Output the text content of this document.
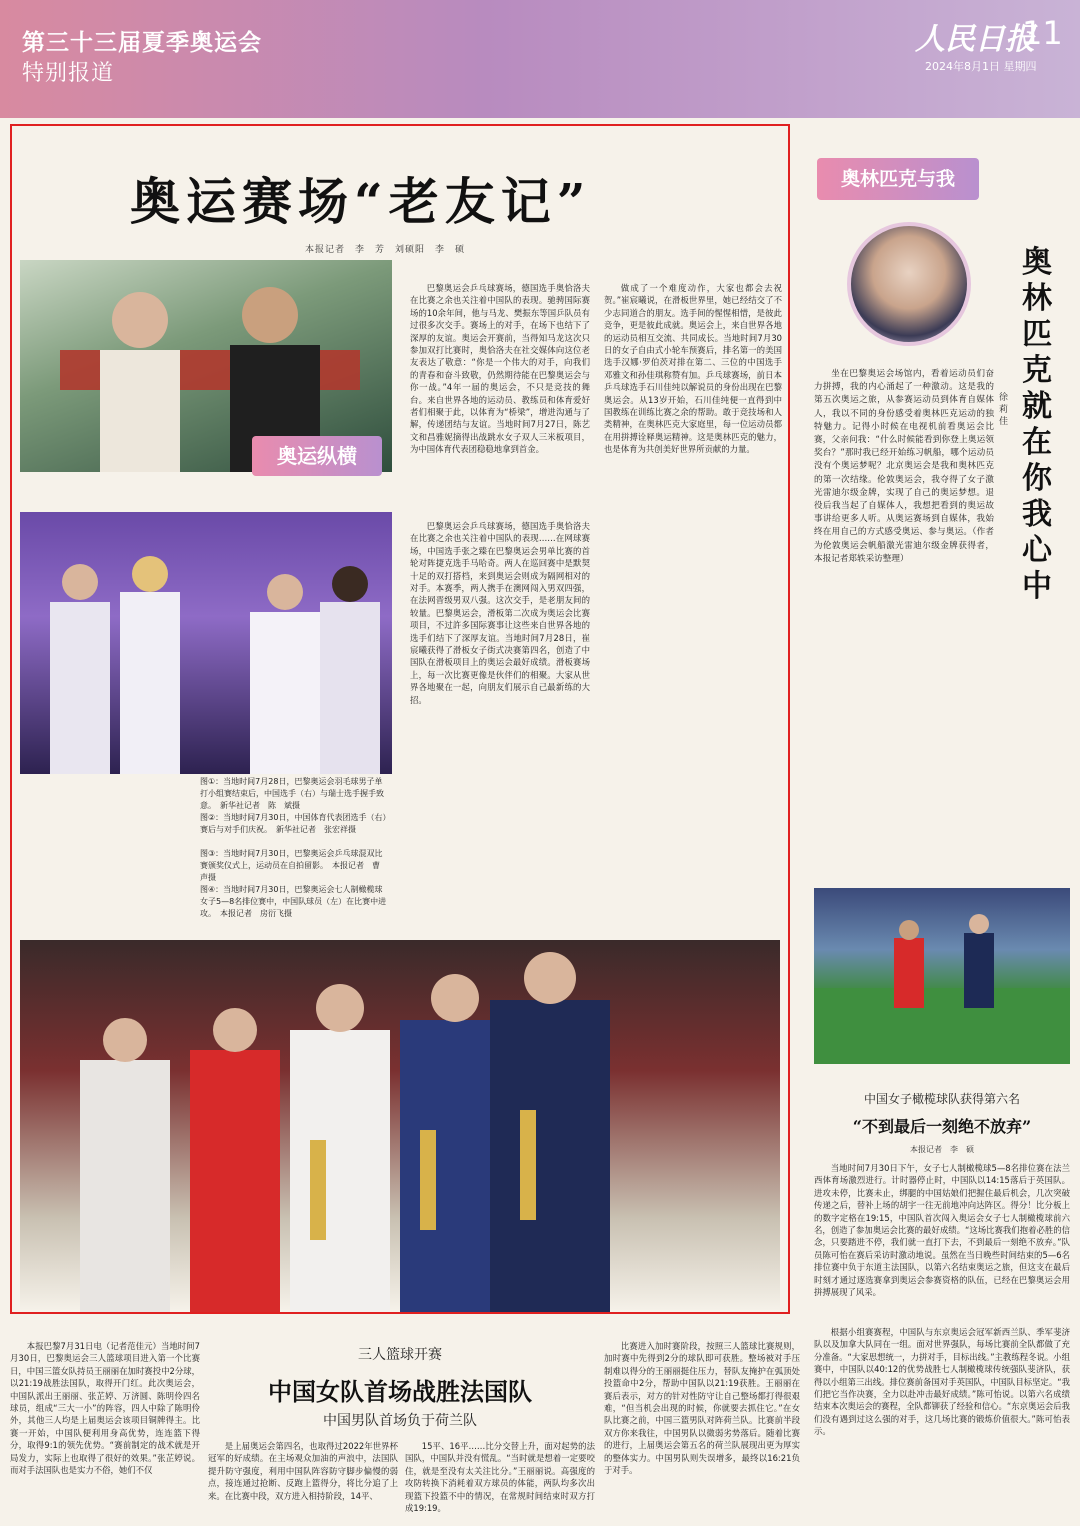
第三十三届夏季奥运会
特别报道
人民日报
11
2024年8月1日 星期四
奥运赛场“老友记”
本报记者　李　芳　刘硕阳　李　硕
奥运纵横
图①：当地时间7月28日，巴黎奥运会羽毛球男子单打小组赛结束后，中国选手（右）与瑞士选手握手致意。　新华社记者　陈　斌摄
图②：当地时间7月30日，中国体育代表团选手（右）赛后与对手们庆祝。　新华社记者　张宏祥摄
图③：当地时间7月30日，巴黎奥运会乒乓球混双比赛颁奖仪式上，运动员在自拍留影。　本报记者　曹　声摄
图④：当地时间7月30日，巴黎奥运会七人制橄榄球女子5—8名排位赛中，中国队球员（左）在比赛中进攻。　本报记者　房衍飞摄

巴黎奥运会乒乓球赛场，德国选手奥恰洛夫在比赛之余也关注着中国队的表现。驰骋国际赛场的10余年间，他与马龙、樊振东等国乒队员有过很多次交手。赛场上的对手，在场下也结下了深厚的友谊。奥运会开赛前，当得知马龙这次只参加双打比赛时，奥恰洛夫在社交媒体向这位老友表达了敬意：“你是一个伟大的对手，向我们的青春和奋斗致敬，仍然期待能在巴黎奥运会与你一战。”4年一届的奥运会，不只是竞技的舞台。来自世界各地的运动员、教练员和体育爱好者们相聚于此，以体育为“桥梁”，增进沟通与了解，传递团结与友谊。当地时间7月27日，陈艺文和昌雅妮摘得出战跳水女子双人三米板项目，为中国体育代表团稳稳地拿到首金。

巴黎奥运会乒乓球赛场，德国选手奥恰洛夫在比赛之余也关注着中国队的表现……在网球赛场，中国选手张之臻在巴黎奥运会男单比赛的首轮对阵捷克选手马哈奇。两人在巡回赛中是默契十足的双打搭档，来到奥运会则成为隔网相对的对手。本赛季，两人携手在澳网闯入男双四强，在法网晋级男双八强。这次交手，是老朋友间的较量。巴黎奥运会，滑板第二次成为奥运会比赛项目，不过許多国际赛事让这些来自世界各地的选手们结下了深厚友谊。当地时间7月28日，崔宸曦获得了滑板女子街式决赛第四名，创造了中国队在滑板项目上的奥运会最好成绩。滑板赛场上，每一次比赛更像是伙伴们的相聚。大家从世界各地聚在一起，向朋友们展示自己最新练的大招。

做成了一个难度动作，大家也都会去祝贺。”崔宸曦说，在滑板世界里，她已经结交了不少志同道合的朋友。选手间的惺惺相惜，是彼此竞争，更是彼此成就。奥运会上，来自世界各地的运动员相互交流、共同成长。当地时间7月30日的女子自由式小轮车预赛后，排名第一的美国选手汉娜·罗伯茨对排在第二、三位的中国选手邓雅文和孙佳琪称赞有加。乒乓球赛场，前日本乒乓球选手石川佳纯以解说员的身份出现在巴黎奥运会。从13岁开始，石川佳纯便一直得到中国教练在训练比赛之余的帮助。敢于竞技场和人类精神，在奥林匹克大家庭里，每一位运动员都在用拼搏诠释奥运精神。这是奥林匹克的魅力，也是体育为共创美好世界所贡献的力量。

奥林匹克与我
奥林匹克就在你我心中
徐莉佳

坐在巴黎奥运会场馆内，看着运动员们奋力拼搏，我的内心涌起了一种激动。这是我的第五次奥运之旅，从参赛运动员到体育自媒体人，我以不同的身份感受着奥林匹克运动的独特魅力。记得小时候在电视机前看奥运会比赛，父亲问我：“什么时候能看到你登上奥运领奖台？”那时我已经开始练习帆船，哪个运动员没有个奥运梦呢？北京奥运会是我和奥林匹克的第一次结缘。伦敦奥运会，我夺得了女子激光雷迪尔级金牌，实现了自己的奥运梦想。退役后我当起了自媒体人，我想把看到的奥运故事讲给更多人听。从奥运赛场到自媒体，我始终在用自己的方式感受奥运、参与奥运。（作者为伦敦奥运会帆船激光雷迪尔级金牌获得者，本报记者郑轶采访整理）

中国女子橄榄球队获得第六名
“不到最后一刻绝不放弃”
本报记者　李　硕

当地时间7月30日下午，女子七人制橄榄球5—8名排位赛在法兰西体育场激烈进行。计时器停止时，中国队以14:15落后于英国队。进攻未停，比赛未止，绑腿的中国姑娘们把握住最后机会，几次突破传递之后，替补上场的胡宇一往无前地冲向达阵区。得分！比分板上的数字定格在19:15，中国队首次闯入奥运会女子七人制橄榄球前六名，创造了参加奥运会比赛的最好成绩。“这场比赛我们抱着必胜的信念，只要踏进不停，我们就一直打下去，不到最后一刻绝不放弃。”队员陈可怡在赛后采访时激动地说。虽然在当日晚些时间结束的5—6名排位赛中负于东道主法国队，以第六名结束奥运之旅，但这支在最后时刻才通过逐选赛拿到奥运会参赛资格的队伍，已经在巴黎奥运会用拼搏展现了风采。

本报巴黎7月31日电（记者范佳元）当地时间7月30日，巴黎奥运会三人篮球项目进入第一个比赛日，中国三篮女队持员王丽丽在加时赛投中2分球，以21:19战胜法国队，取得开门红。此次奥运会，中国队派出王丽丽、张芷婷、万济圆、陈明伶四名球员，组成“三大一小”的阵容，四人中除了陈明伶外，其他三人均是上届奥运会该项目铜牌得主。比赛一开始，中国队便利用身高优势，连连篮下得分，取得9:1的领先优势。“赛前制定的战术就是开局发力，实际上也取得了很好的效果。”张芷婷说。而对手法国队也是实力不俗，她们不仅

三人篮球开赛
中国女队首场战胜法国队
中国男队首场负于荷兰队

是上届奥运会第四名，也取得过2022年世界杯冠军的好成绩。在主场观众加油的声浪中，法国队提升防守强度，利用中国队阵容防守脚步偏慢的弱点，接连通过抢断、反跑上篮得分，将比分追了上来。在比赛中段，双方进入相持阶段，14平、

15平、16平……比分交替上升，面对起势的法国队，中国队并没有慌乱。“当时就是想着一定要咬住，就是至没有太关注比分。”王丽丽说。高强度的攻防转换下消耗着双方球员的体能，两队均多次出现篮下投篮不中的情况，在常规时间结束时双方打成19:19。

比赛进入加时赛阶段，按照三人篮球比赛规则，加时赛中先得到2分的球队即可获胜。整场被对手压制难以得分的王丽丽挺住压力，替队友掩护在弧顶处投篮命中2分，帮助中国队以21:19获胜。王丽丽在赛后表示，对方的针对性防守让自己整场都打得很艰难，“但当机会出现的时候，你就要去抓住它。”在女队比赛之前，中国三篮男队对阵荷兰队。比赛前半段双方你来我往，中国男队以微弱劣势落后。随着比赛的进行，上届奥运会第五名的荷兰队展现出更为厚实的整体实力。中国男队则失误增多，最终以16:21负于对手。

根据小组赛赛程，中国队与东京奥运会冠军新西兰队、季军斐济队以及加拿大队同在一组。面对世界强队，每场比赛前全队都做了充分准备。“大家思想统一，力拼对手，目标出线。”主教练程冬说。小组赛中，中国队以40:12的优势战胜七人制橄榄球传统强队斐济队，获得以小组第三出线。排位赛前备国对手英国队，中国队目标坚定。“我们把它当作决赛，全力以赴冲击最好成绩。”陈可怡说。以第六名成绩结束本次奥运会的赛程，全队都铆获了经验和信心。“东京奥运会后我们没有遇到过这么强的对手，这几场比赛的锻炼价值很大。”陈可怡表示。
